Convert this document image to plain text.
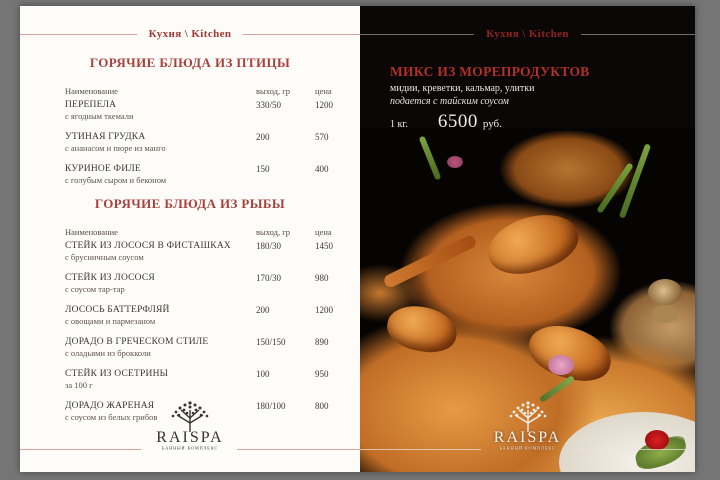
Кухня \ Kitchen
ГОРЯЧИЕ БЛЮДА ИЗ ПТИЦЫ
Наименование	выход, гр	цена
ПЕРЕПЕЛА
с ягодным ткемали
330/50	1200
УТИНАЯ ГРУДКА
с ананасом и пюре из манго
200	570
КУРИНОЕ ФИЛЕ
с голубым сыром и беконом
150	400
ГОРЯЧИЕ БЛЮДА ИЗ РЫБЫ
Наименование	выход, гр	цена
СТЕЙК ИЗ ЛОСОСЯ В ФИСТАШКАХ
с брусничным соусом
180/30	1450
СТЕЙК ИЗ ЛОСОСЯ
с соусом тар-тар
170/30	980
ЛОСОСЬ БАТТЕРФЛЯЙ
с овощами и пармезаном
200	1200
ДОРАДО В ГРЕЧЕСКОМ СТИЛЕ
с оладьями из брокколи
150/150	890
СТЕЙК ИЗ ОСЕТРИНЫ
за 100 г
100	950
ДОРАДО ЖАРЕНАЯ
с соусом из белых грибов
180/100	800
RAISPA
БАННЫЙ КОМПЛЕКС
Кухня \ Kitchen
МИКС ИЗ МОРЕПРОДУКТОВ
мидии, креветки, кальмар, улитки
подается с тайским соусом
1 кг. 6500 руб.
RAISPA
БАННЫЙ КОМПЛЕКС
